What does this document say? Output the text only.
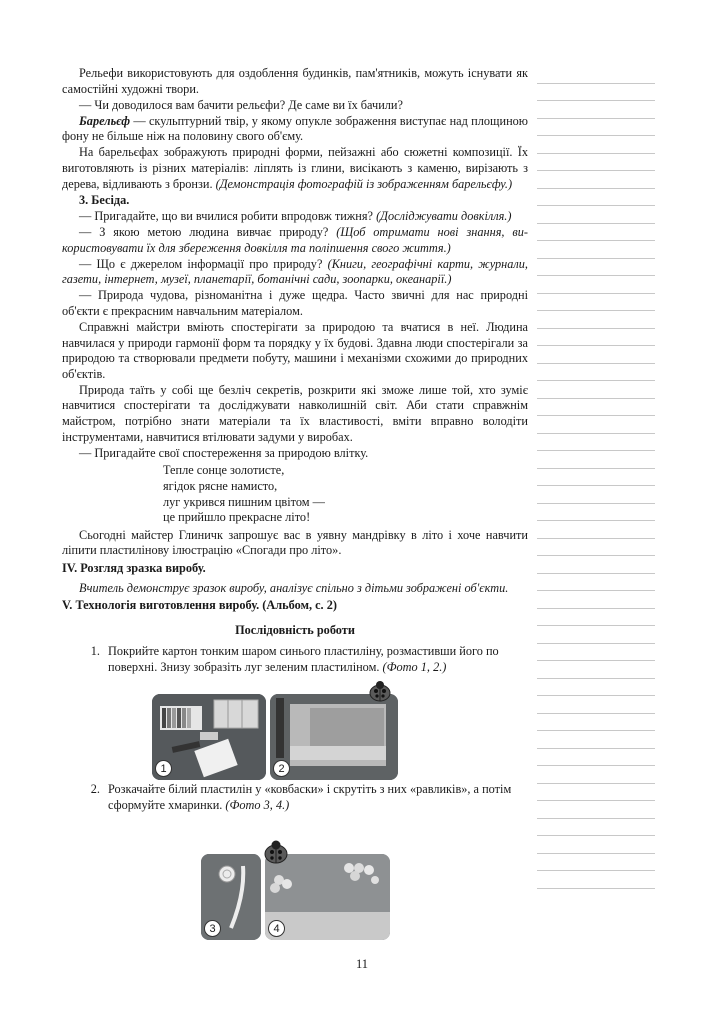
Рельефи використовують для оздоблення будинків, пам'ятників, можуть існувати як самостійні художні твори.

— Чи доводилося вам бачити рельєфи? Де саме ви їх бачили?

Барельєф — скульптурний твір, у якому опукле зображення виступає над площиною фону не більше ніж на половину свого об'єму.

На барельєфах зображують природні форми, пейзажні або сюжетні композиції. Їх виготовляють із різних матеріалів: ліплять із глини, висікають з каменю, вирізають з дерева, відливають з бронзи. (Демонстрація фотографій із зображенням барельєфу.)

3. Бесіда.

— Пригадайте, що ви вчилися робити впродовж тижня? (Досліджувати довкілля.)

— З якою метою людина вивчає природу? (Щоб отримати нові знання, використовувати їх для збереження довкілля та поліпшення свого життя.)

— Що є джерелом інформації про природу? (Книги, географічні карти, журнали, газети, інтернет, музеї, планетарії, ботанічні сади, зоопарки, океанарії.)

— Природа чудова, різноманітна і дуже щедра. Часто звичні для нас природні об'єкти є прекрасним навчальним матеріалом.

Справжні майстри вміють спостерігати за природою та вчатися в неї. Людина навчилася у природи гармонії форм та порядку у їх будові. Здавна люди спостерігали за природою та створювали предмети побуту, машини і механізми схожими до природних об'єктів.

Природа таїть у собі ще безліч секретів, розкрити які зможе лише той, хто зуміє навчитися спостерігати та досліджувати навколишній світ. Аби стати справжнім майстром, потрібно знати матеріали та їх властивості, вміти вправно володіти інструментами, навчитися втілювати задуми у виробах.

— Пригадайте свої спостереження за природою влітку.

Тепле сонце золотисте,
ягідок рясне намисто,
луг укрився пишним цвітом —
це прийшло прекрасне літо!

Сьогодні майстер Глиничк запрошує вас в уявну мандрівку в літо і хоче навчити ліпити пластилінову ілюстрацію «Спогади про літо».

IV. Розгляд зразка виробу.

Вчитель демонструє зразок виробу, аналізує спільно з дітьми зображені об'єкти.

V. Технологія виготовлення виробу. (Альбом, с. 2)

Послідовність роботи
1. Покрийте картон тонким шаром синього пластиліну, розмастивши його по поверхні. Знизу зобразіть луг зеленим пластиліном. (Фото 1, 2.)
2. Розкачайте білий пластилін у «ковбаски» і скрутіть з них «равликів», а потім сформуйте хмаринки. (Фото 3, 4.)
1	2
3	4
11
